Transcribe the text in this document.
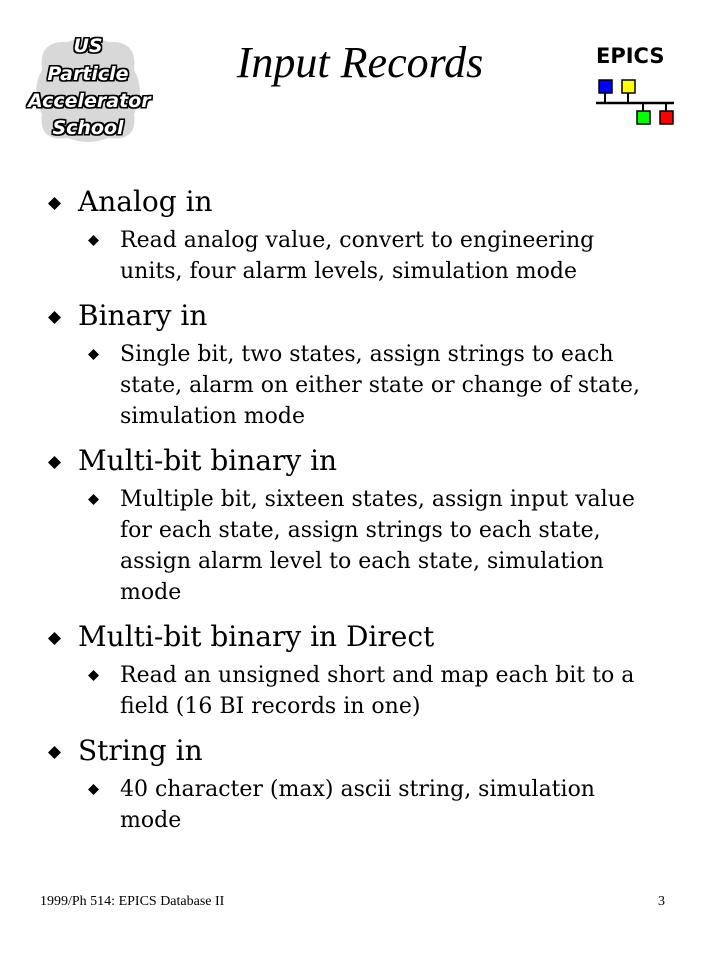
US
Particle
Accelerator
School
Input Records	EPICS
Analog in
Read analog value, convert to engineering
units, four alarm levels, simulation mode
Binary in
Single bit, two states, assign strings to each
state, alarm on either state or change of state,
simulation mode
Multi-bit binary in
Multiple bit, sixteen states, assign input value
for each state, assign strings to each state,
assign alarm level to each state, simulation
mode
Multi-bit binary in Direct
Read an unsigned short and map each bit to a
field (16 BI records in one)
String in
40 character (max) ascii string, simulation
mode
1999/Ph 514: EPICS Database II	3
